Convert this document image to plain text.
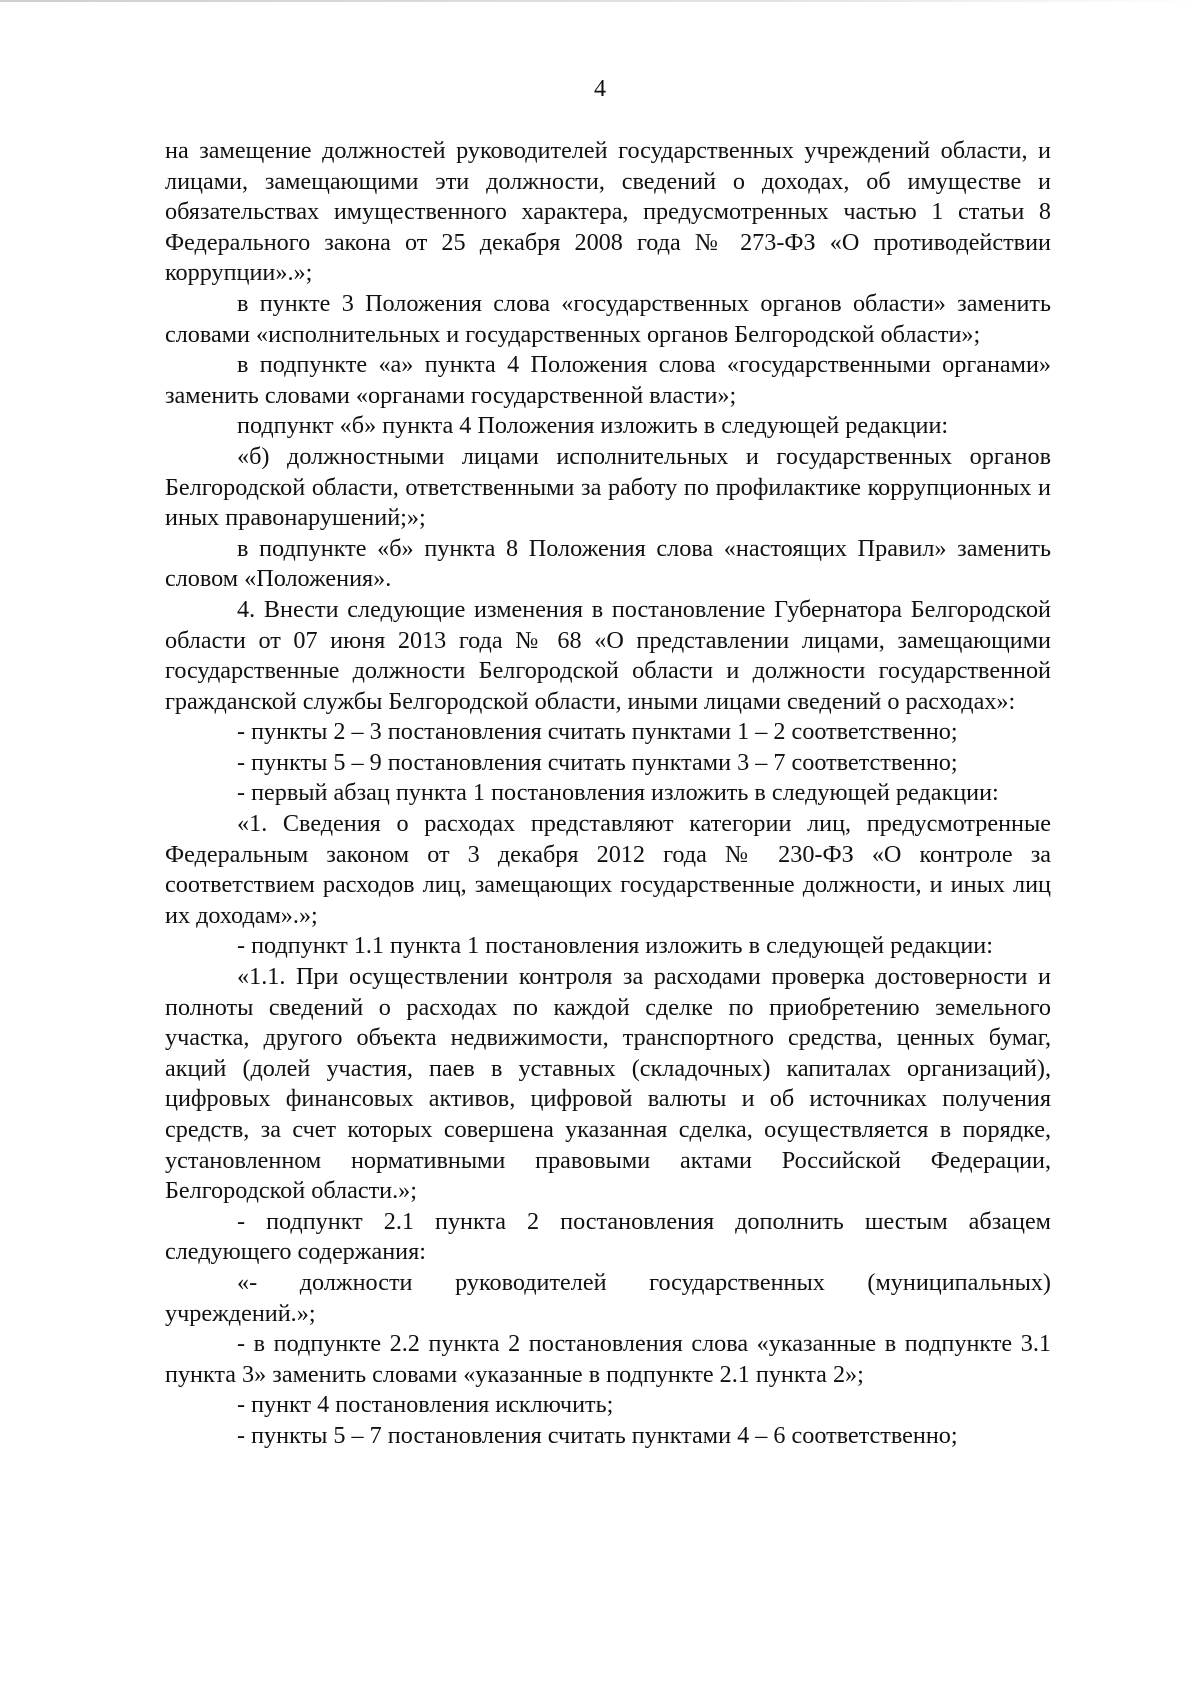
4

на замещение должностей руководителей государственных учреждений области, и лицами, замещающими эти должности, сведений о доходах, об имуществе и обязательствах имущественного характера, предусмотренных частью 1 статьи 8 Федерального закона от 25 декабря 2008 года № 273-ФЗ «О противодействии коррупции».»;

в пункте 3 Положения слова «государственных органов области» заменить словами «исполнительных и государственных органов Белгородской области»;

в подпункте «а» пункта 4 Положения слова «государственными органами» заменить словами «органами государственной власти»;

подпункт «б» пункта 4 Положения изложить в следующей редакции:

«б) должностными лицами исполнительных и государственных органов Белгородской области, ответственными за работу по профилактике коррупционных и иных правонарушений;»;

в подпункте «б» пункта 8 Положения слова «настоящих Правил» заменить словом «Положения».

4. Внести следующие изменения в постановление Губернатора Белгородской области от 07 июня 2013 года № 68 «О представлении лицами, замещающими государственные должности Белгородской области и должности государственной гражданской службы Белгородской области, иными лицами сведений о расходах»:

- пункты 2 – 3 постановления считать пунктами 1 – 2 соответственно;

- пункты 5 – 9 постановления считать пунктами 3 – 7 соответственно;

- первый абзац пункта 1 постановления изложить в следующей редакции:

«1. Сведения о расходах представляют категории лиц, предусмотренные Федеральным законом от 3 декабря 2012 года № 230-ФЗ «О контроле за соответствием расходов лиц, замещающих государственные должности, и иных лиц их доходам».»;

- подпункт 1.1 пункта 1 постановления изложить в следующей редакции:

«1.1. При осуществлении контроля за расходами проверка достоверности и полноты сведений о расходах по каждой сделке по приобретению земельного участка, другого объекта недвижимости, транспортного средства, ценных бумаг, акций (долей участия, паев в уставных (складочных) капиталах организаций), цифровых финансовых активов, цифровой валюты и об источниках получения средств, за счет которых совершена указанная сделка, осуществляется в порядке, установленном нормативными правовыми актами Российской Федерации, Белгородской области.»;

- подпункт 2.1 пункта 2 постановления дополнить шестым абзацем следующего содержания:

«- должности руководителей государственных (муниципальных) учреждений.»;

- в подпункте 2.2 пункта 2 постановления слова «указанные в подпункте 3.1 пункта 3» заменить словами «указанные в подпункте 2.1 пункта 2»;

- пункт 4 постановления исключить;

- пункты 5 – 7 постановления считать пунктами 4 – 6 соответственно;
